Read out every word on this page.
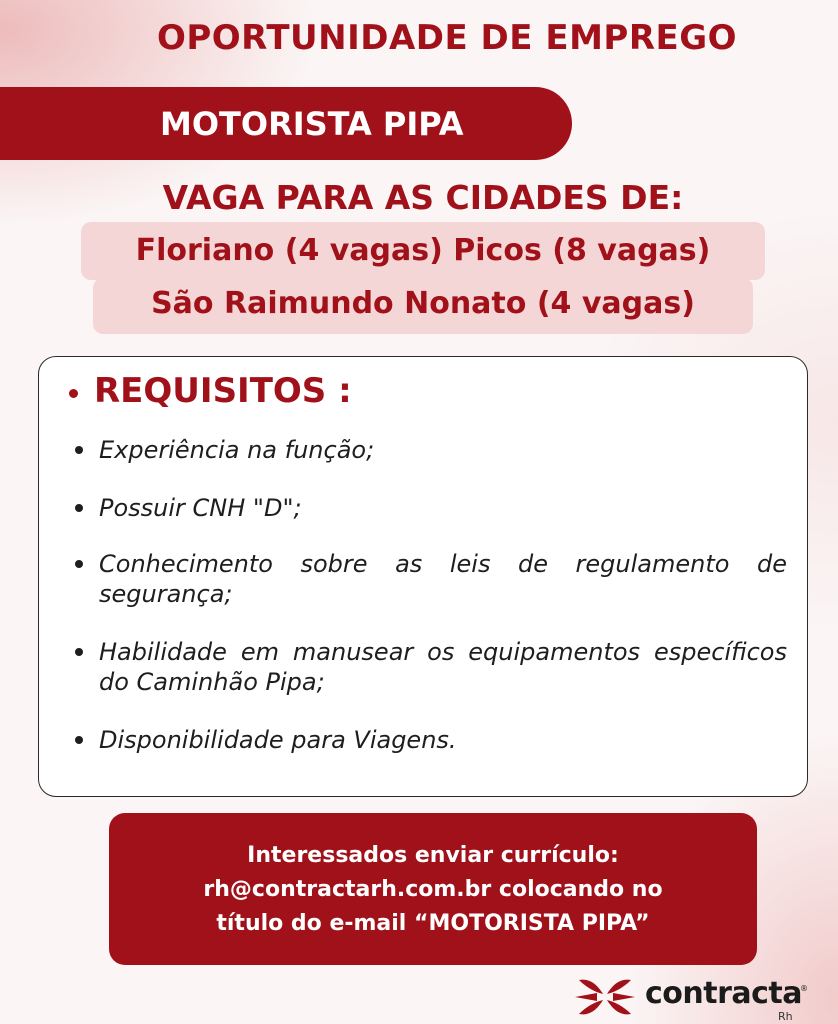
OPORTUNIDADE DE EMPREGO
MOTORISTA PIPA
VAGA PARA AS CIDADES DE:
Floriano (4 vagas) Picos (8 vagas)
São Raimundo Nonato (4 vagas)
REQUISITOS :
Experiência na função;
Possuir CNH "D";
Conhecimento sobre as leis de regulamento de segurança;
Habilidade em manusear os equipamentos específicos do Caminhão Pipa;
Disponibilidade para Viagens.
Interessados enviar currículo:
rh@contractarh.com.br colocando no
título do e-mail “MOTORISTA PIPA”
contracta
®
Rh
